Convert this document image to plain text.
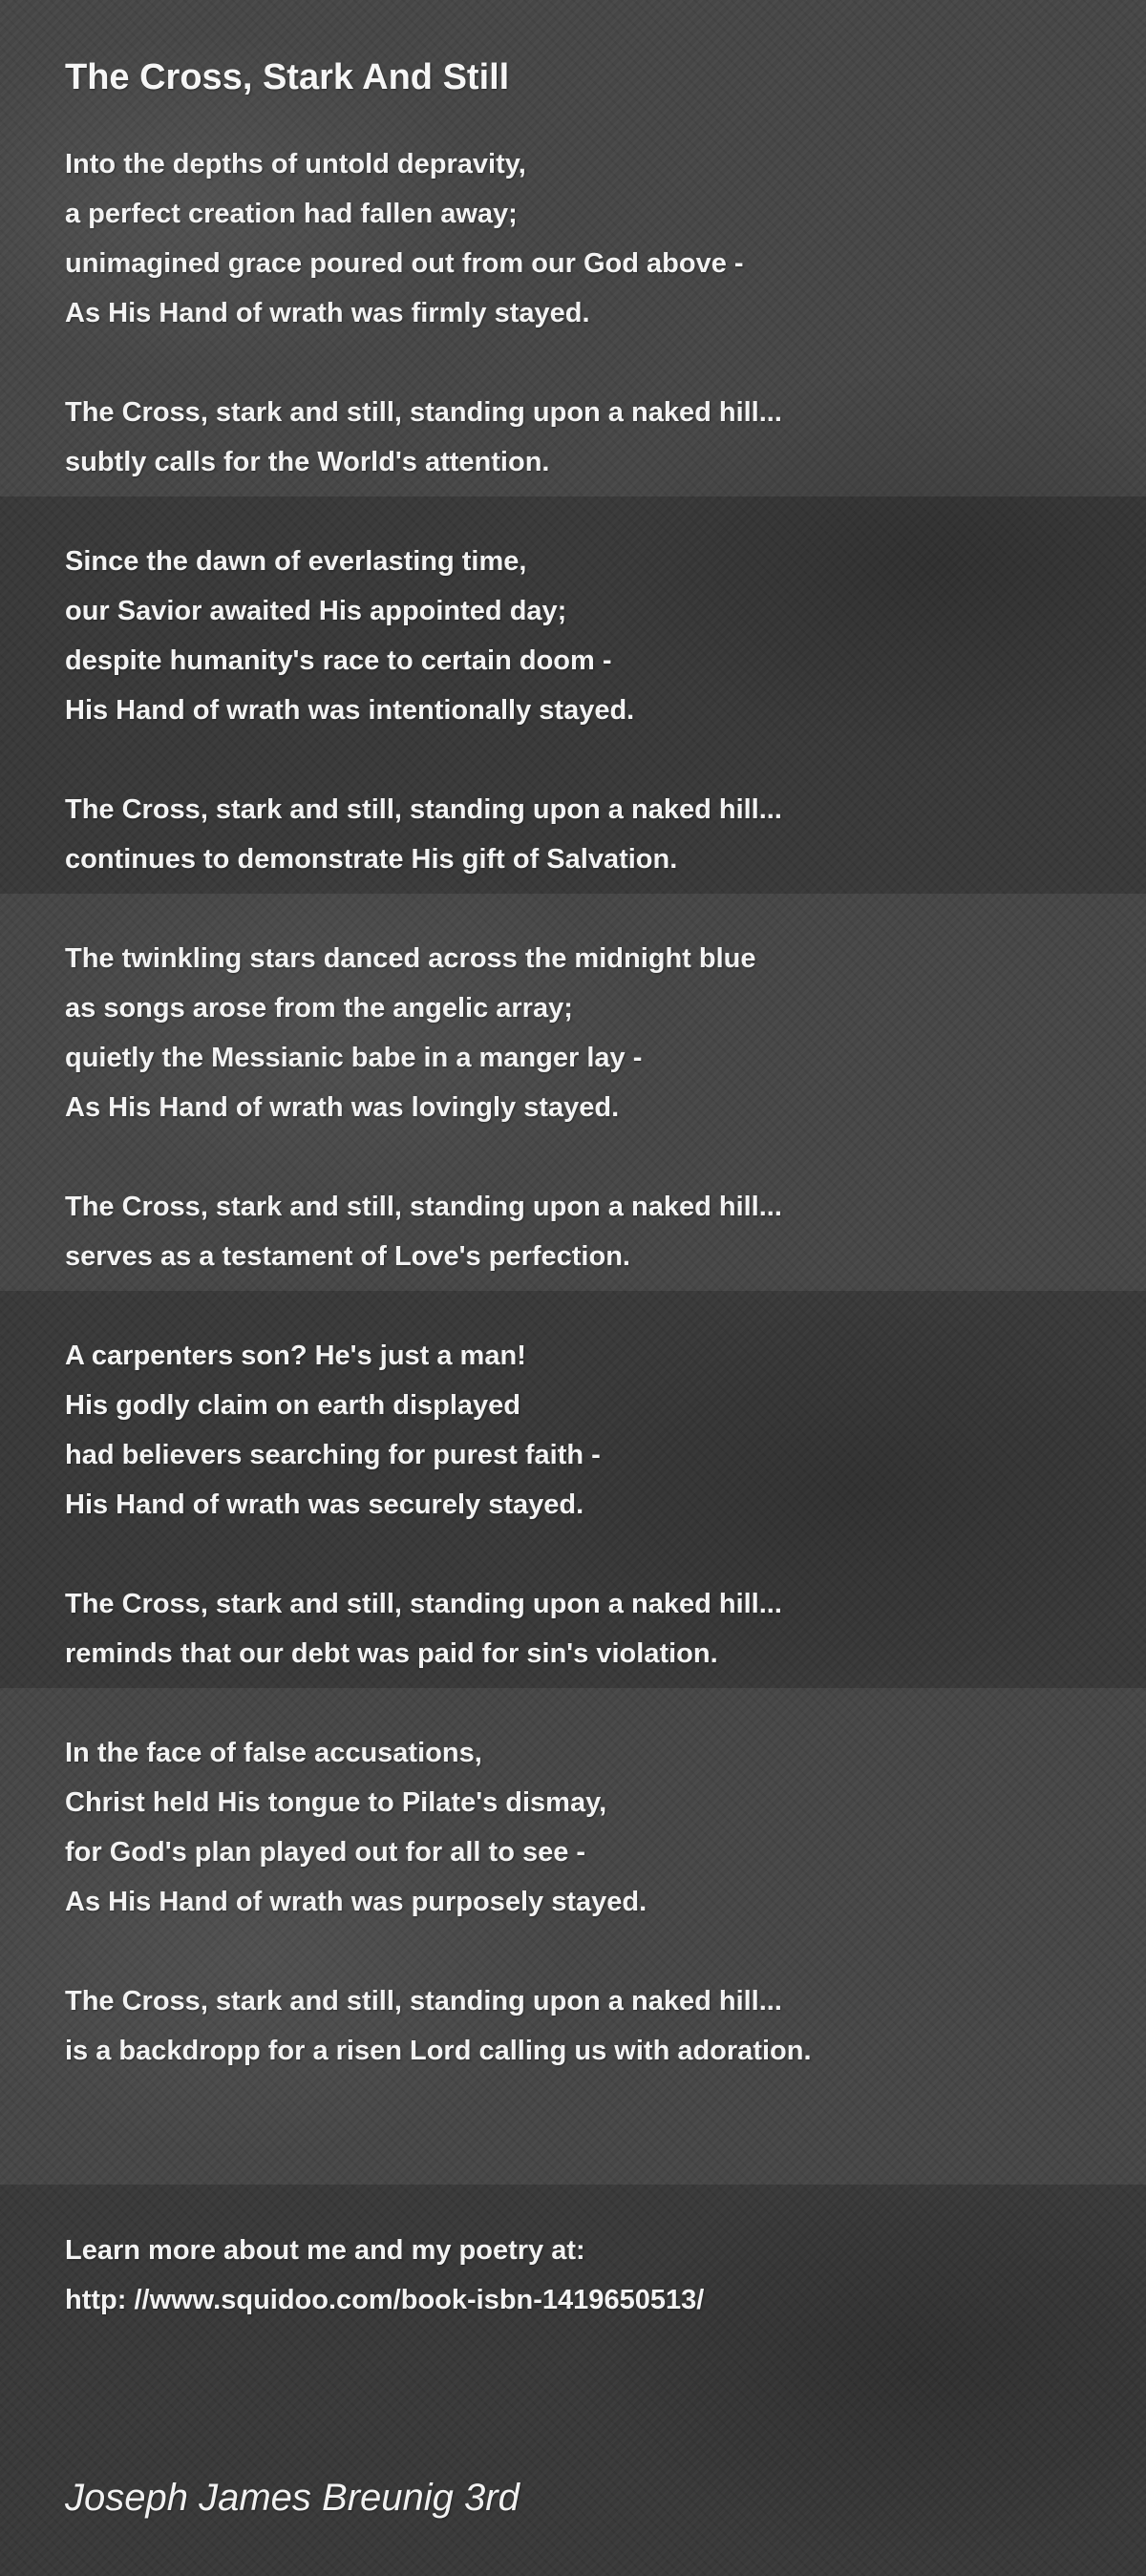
The Cross, Stark And Still
Into the depths of untold depravity,
a perfect creation had fallen away;
unimagined grace poured out from our God above -
As His Hand of wrath was firmly stayed.
The Cross, stark and still, standing upon a naked hill...
subtly calls for the World's attention.
Since the dawn of everlasting time,
our Savior awaited His appointed day;
despite humanity's race to certain doom -
His Hand of wrath was intentionally stayed.
The Cross, stark and still, standing upon a naked hill...
continues to demonstrate His gift of Salvation.
The twinkling stars danced across the midnight blue
as songs arose from the angelic array;
quietly the Messianic babe in a manger lay -
As His Hand of wrath was lovingly stayed.
The Cross, stark and still, standing upon a naked hill...
serves as a testament of Love's perfection.
A carpenters son? He's just a man!
His godly claim on earth displayed
had believers searching for purest faith -
His Hand of wrath was securely stayed.
The Cross, stark and still, standing upon a naked hill...
reminds that our debt was paid for sin's violation.
In the face of false accusations,
Christ held His tongue to Pilate's dismay,
for God's plan played out for all to see -
As His Hand of wrath was purposely stayed.
The Cross, stark and still, standing upon a naked hill...
is a backdropp for a risen Lord calling us with adoration.
Learn more about me and my poetry at:
http: //www.squidoo.com/book-isbn-1419650513/
Joseph James Breunig 3rd
